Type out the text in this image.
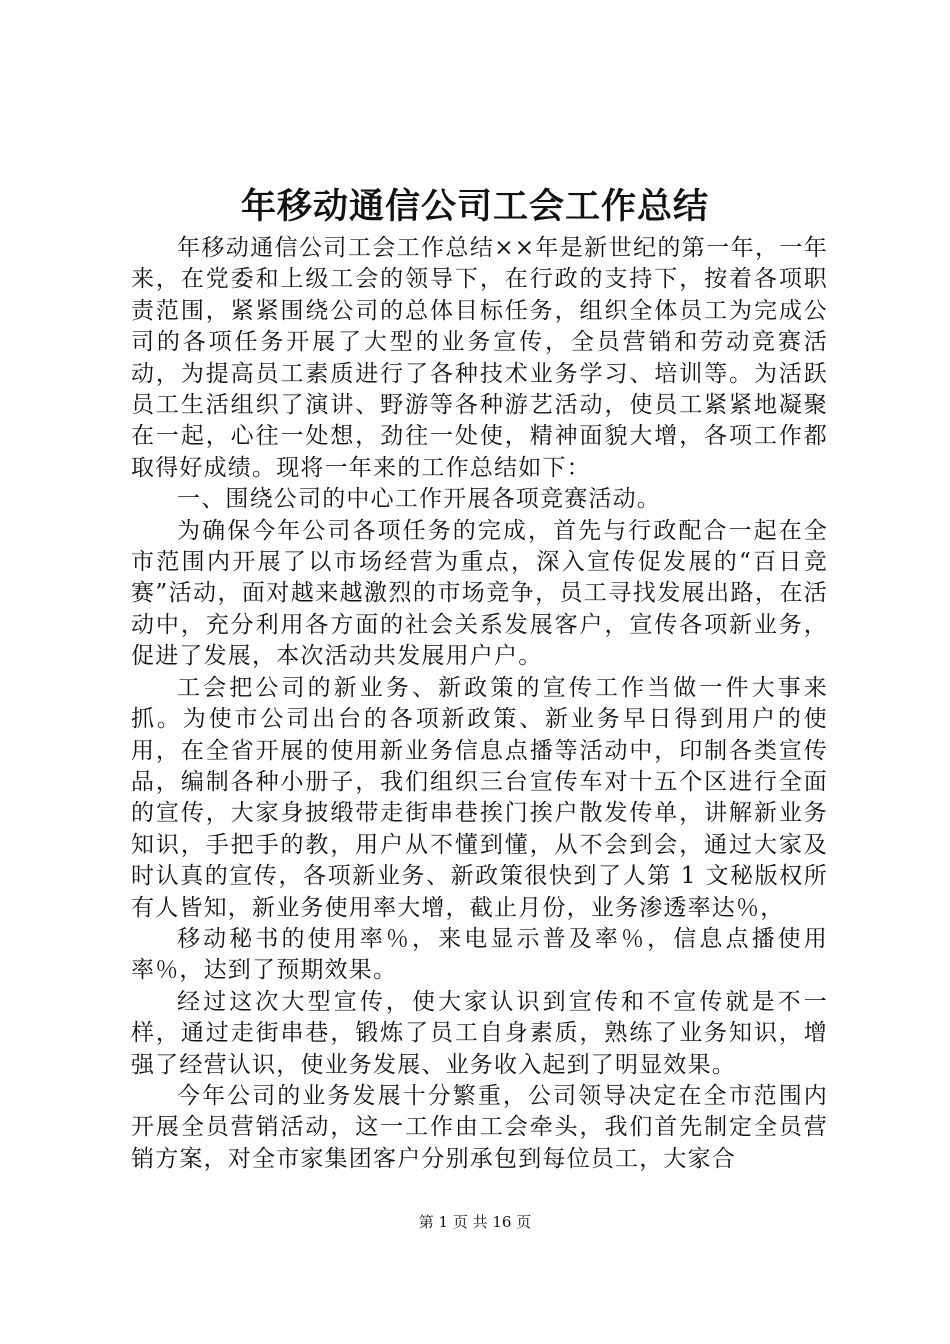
年移动通信公司工会工作总结

年移动通信公司工会工作总结××年是新世纪的第一年，一年来，在党委和上级工会的领导下，在行政的支持下，按着各项职责范围，紧紧围绕公司的总体目标任务，组织全体员工为完成公司的各项任务开展了大型的业务宣传，全员营销和劳动竞赛活动，为提高员工素质进行了各种技术业务学习、培训等。为活跃员工生活组织了演讲、野游等各种游艺活动，使员工紧紧地凝聚在一起，心往一处想，劲往一处使，精神面貌大增，各项工作都取得好成绩。现将一年来的工作总结如下：

一、围绕公司的中心工作开展各项竞赛活动。

为确保今年公司各项任务的完成，首先与行政配合一起在全市范围内开展了以市场经营为重点，深入宣传促发展的“百日竞赛”活动，面对越来越激烈的市场竞争，员工寻找发展出路，在活动中，充分利用各方面的社会关系发展客户，宣传各项新业务，促进了发展，本次活动共发展用户户。

工会把公司的新业务、新政策的宣传工作当做一件大事来抓。为使市公司出台的各项新政策、新业务早日得到用户的使用，在全省开展的使用新业务信息点播等活动中，印制各类宣传品，编制各种小册子，我们组织三台宣传车对十五个区进行全面的宣传，大家身披缎带走街串巷挨门挨户散发传单，讲解新业务知识，手把手的教，用户从不懂到懂，从不会到会，通过大家及时认真的宣传，各项新业务、新政策很快到了人第 1 文秘版权所有人皆知，新业务使用率大增，截止月份，业务渗透率达％，

移动秘书的使用率％，来电显示普及率％，信息点播使用率％，达到了预期效果。

经过这次大型宣传，使大家认识到宣传和不宣传就是不一样，通过走街串巷，锻炼了员工自身素质，熟练了业务知识，增强了经营认识，使业务发展、业务收入起到了明显效果。

今年公司的业务发展十分繁重，公司领导决定在全市范围内开展全员营销活动，这一工作由工会牵头，我们首先制定全员营销方案，对全市家集团客户分别承包到每位员工，大家合

第 1 页 共 16 页
